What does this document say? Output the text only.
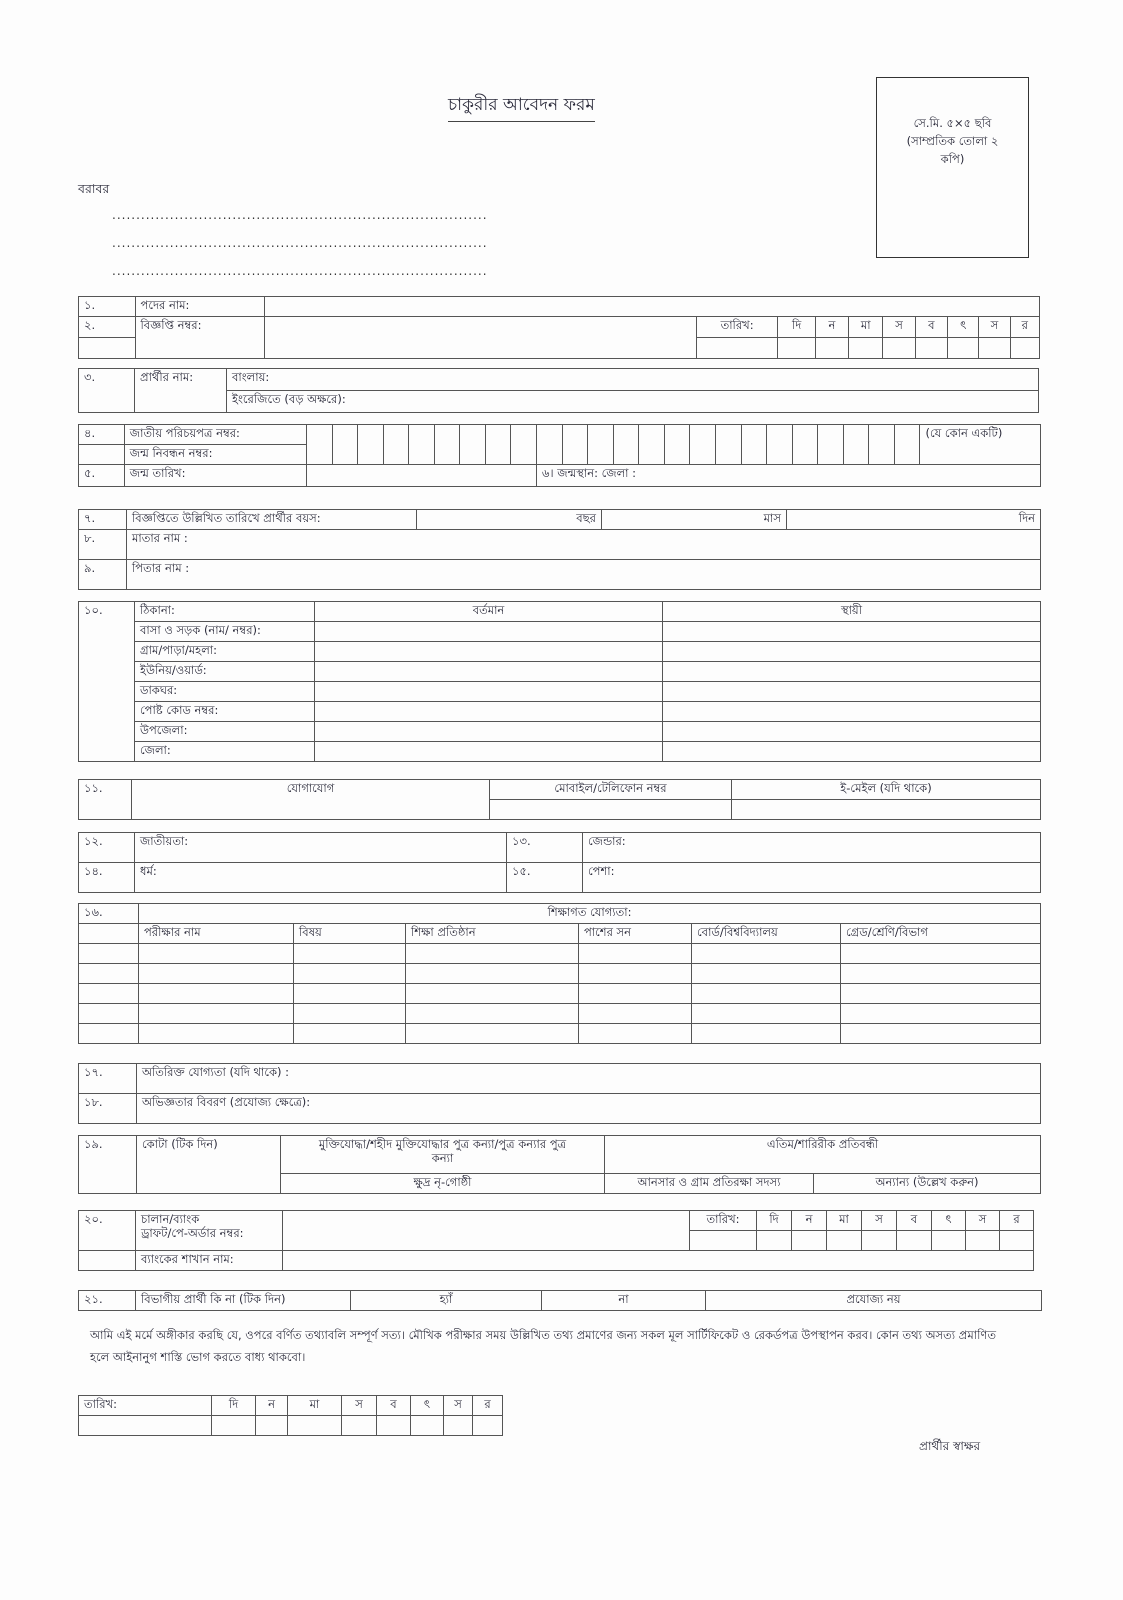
চাকুরীর আবেদন ফরম
সে.মি. ৫×৫ ছবি
(সাম্প্রতিক তোলা ২
কপি)
বরাবর
..............................................................................
..............................................................................
..............................................................................
১.	পদের নাম:										
২.	বিজ্ঞপ্তি নম্বর:		তারিখ:	দি	ন	মা	স	ব	ৎ	স	র

৩.	প্রার্থীর নাম:	বাংলায়:
ইংরেজিতে (বড় অক্ষরে):
৪.	জাতীয় পরিচয়পত্র নম্বর:																									(যে কোন একটি)
	জন্ম নিবন্ধন নম্বর:																									
৫.	জন্ম তারিখ:										৬। জন্মস্থান: জেলা :															
৭.	বিজ্ঞপ্তিতে উল্লিখিত তারিখে প্রার্থীর বয়স:	বছর	মাস	দিন
৮.	মাতার নাম :			
৯.	পিতার নাম :			
১০.	ঠিকানা:	বর্তমান	স্থায়ী
	বাসা ও সড়ক (নাম/ নম্বর):		
	গ্রাম/পাড়া/মহলা:		
	ইউনিয়/ওয়ার্ড:		
	ডাকঘর:		
	পোষ্ট কোড নম্বর:		
	উপজেলা:		
	জেলা:		
১১.	যোগাযোগ	মোবাইল/টেলিফোন নম্বর	ই-মেইল (যদি থাকে)

১২.	জাতীয়তা:	১৩.	জেন্ডার:
১৪.	ধর্ম:	১৫.	পেশা:
১৬.	শিক্ষাগত যোগ্যতা:					
	পরীক্ষার নাম	বিষয়	শিক্ষা প্রতিষ্ঠান	পাশের সন	বোর্ড/বিশ্ববিদ্যালয়	গ্রেড/শ্রেণি/বিভাগ

১৭.	অতিরিক্ত যোগ্যতা (যদি থাকে) :
১৮.	অভিজ্ঞতার বিবরণ (প্রযোজ্য ক্ষেত্রে):
১৯.	কোটা (টিক দিন)	মুক্তিযোদ্ধা/শহীদ মুক্তিযোদ্ধার পুত্র কন্যা/পুত্র কন্যার পুত্র
কন্যা	এতিম/শারিরীক প্রতিবন্ধী	
		ক্ষুদ্র নৃ-গোষ্ঠী	আনসার ও গ্রাম প্রতিরক্ষা সদস্য	অন্যান্য (উল্লেখ করুন)
২০.	চালান/ব্যাংক
ড্রাফট/পে-অর্ডার নম্বর:		তারিখ:	দি	ন	মা	স	ব	ৎ	স	র

	ব্যাংকের শাখান নাম:										
২১.	বিভাগীয় প্রার্থী কি না (টিক দিন)	হ্যাঁ	না	প্রযোজ্য নয়
আমি এই মর্মে অঙ্গীকার করছি যে, ওপরে বর্ণিত তথ্যাবলি সম্পূর্ণ সত্য। মৌখিক পরীক্ষার সময় উল্লিখিত তথ্য প্রমাণের জন্য সকল মূল সার্টিফিকেট ও রেকর্ডপত্র উপস্থাপন করব। কোন তথ্য অসত্য প্রমাণিত হলে আইনানুগ শাস্তি ভোগ করতে বাধ্য থাকবো।
তারিখ:	দি	ন	মা	স	ব	ৎ	স	র

প্রার্থীর স্বাক্ষর
